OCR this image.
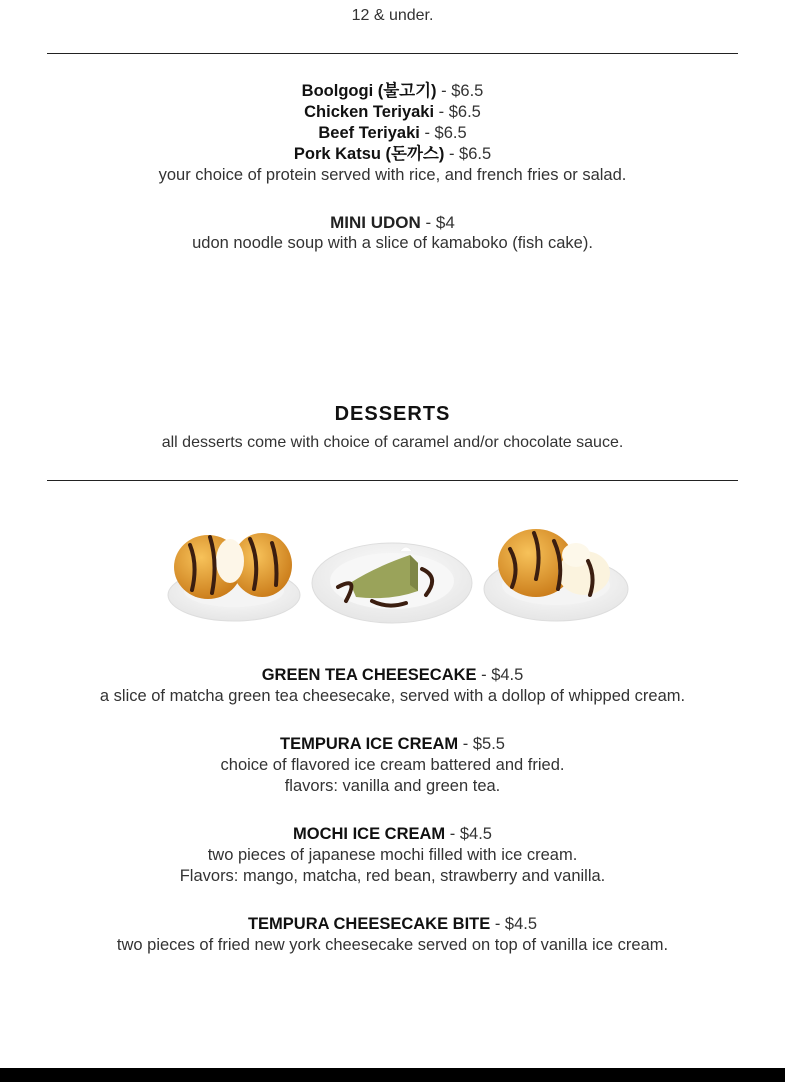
12 & under.
Boolgogi (불고기) - $6.5
Chicken Teriyaki - $6.5
Beef Teriyaki - $6.5
Pork Katsu (돈까스) - $6.5
your choice of protein served with rice, and french fries or salad.
MINI UDON - $4
udon noodle soup with a slice of kamaboko (fish cake).
DESSERTS
all desserts come with choice of caramel and/or chocolate sauce.
GREEN TEA CHEESECAKE - $4.5
a slice of matcha green tea cheesecake, served with a dollop of whipped cream.
TEMPURA ICE CREAM - $5.5
choice of flavored ice cream battered and fried.
flavors: vanilla and green tea.
MOCHI ICE CREAM - $4.5
two pieces of japanese mochi filled with ice cream.
Flavors: mango, matcha, red bean, strawberry and vanilla.
TEMPURA CHEESECAKE BITE - $4.5
two pieces of fried new york cheesecake served on top of vanilla ice cream.
